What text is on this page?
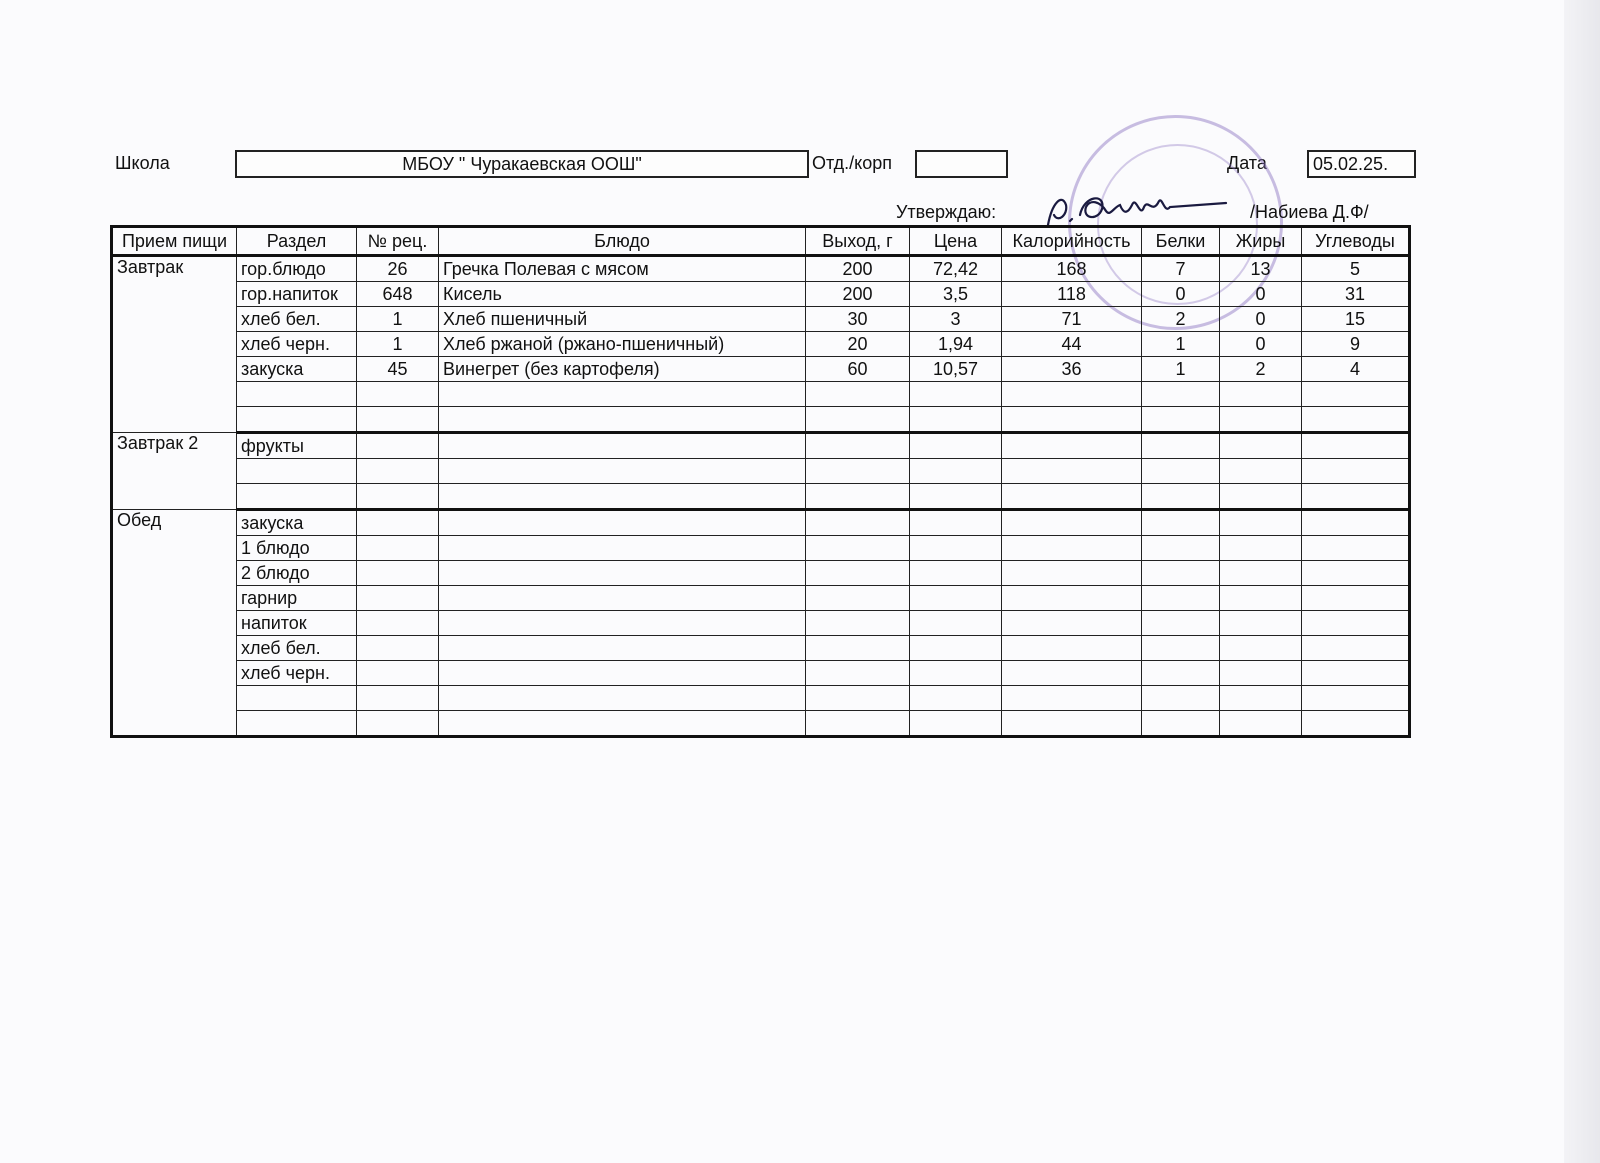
Школа	МБОУ " Чуракаевская ООШ"	Отд./корп	Дата	05.02.25.
Утверждаю:	/Набиева Д.Ф/
Прием пищи	Раздел	№ рец.	Блюдо	Выход, г	Цена	Калорийность	Белки	Жиры	Углеводы
Завтрак	гор.блюдо	26	Гречка Полевая с мясом	200	72,42	168	7	13	5
	гор.напиток	648	Кисель	200	3,5	118	0	0	31
	хлеб бел.	1	Хлеб пшеничный	30	3	71	2	0	15
	хлеб черн.	1	Хлеб ржаной (ржано-пшеничный)	20	1,94	44	1	0	9
	закуска	45	Винегрет (без картофеля)	60	10,57	36	1	2	4

Завтрак 2	фрукты								

Обед	закуска								
	1 блюдо								
	2 блюдо								
	гарнир								
	напиток								
	хлеб бел.								
	хлеб черн.								
